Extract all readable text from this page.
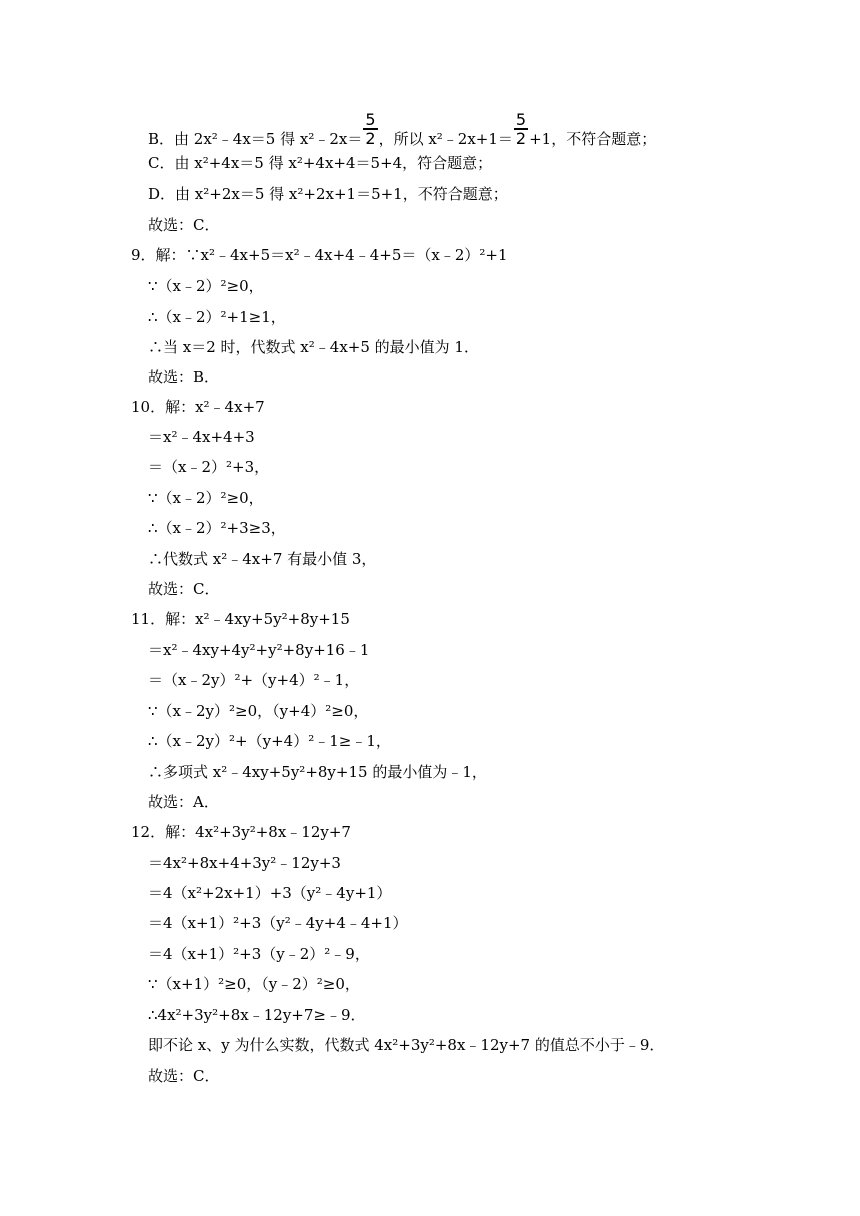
B．由 2x²﹣4x＝5 得 x²﹣2x＝ $\frac{5}{2}$ ，所以 x²﹣2x+1＝ $\frac{5}{2} +1$，不符合题意；
C．由 x²+4x＝5 得 x²+4x+4＝5+4，符合题意；
D．由 x²+2x＝5 得 x²+2x+1＝5+1，不符合题意；
故选：C．
9．解：∵x²﹣4x+5＝x²﹣4x+4﹣4+5＝（x﹣2）²+1
∵（x﹣2）²≥0，
∴（x﹣2）²+1≥1，
∴当 x＝2 时，代数式 x²﹣4x+5 的最小值为 1．
故选：B．
10．解：x²﹣4x+7
＝x²﹣4x+4+3
＝（x﹣2）²+3，
∵（x﹣2）²≥0，
∴（x﹣2）²+3≥3，
∴代数式 x²﹣4x+7 有最小值 3，
故选：C．
11．解：x²﹣4xy+5y²+8y+15
＝x²﹣4xy+4y²+y²+8y+16﹣1
＝（x﹣2y）²+（y+4）²﹣1，
∵（x﹣2y）²≥0，（y+4）²≥0，
∴（x﹣2y）²+（y+4）²﹣1≥﹣1，
∴多项式 x²﹣4xy+5y²+8y+15 的最小值为﹣1，
故选：A．
12．解：4x²+3y²+8x﹣12y+7
＝4x²+8x+4+3y²﹣12y+3
＝4（x²+2x+1）+3（y²﹣4y+1）
＝4（x+1）²+3（y²﹣4y+4﹣4+1）
＝4（x+1）²+3（y﹣2）²﹣9，
∵（x+1）²≥0，（y﹣2）²≥0，
∴4x²+3y²+8x﹣12y+7≥﹣9．
即不论 x、y 为什么实数，代数式 4x²+3y²+8x﹣12y+7 的值总不小于﹣9．
故选：C．
